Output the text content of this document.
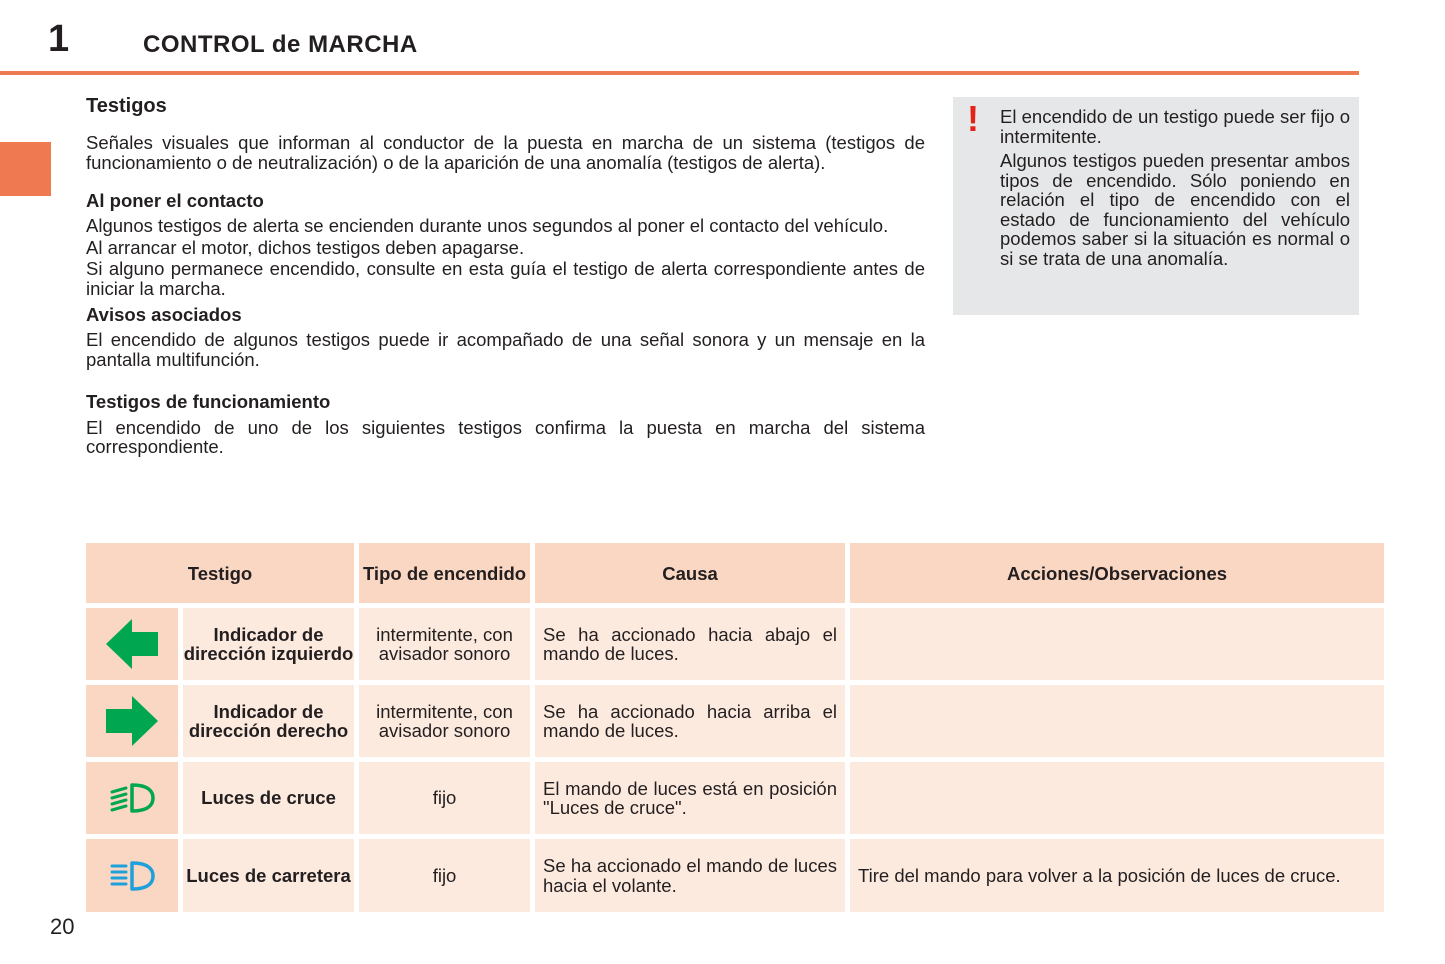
1	CONTROL de MARCHA
Testigos

Señales visuales que informan al conductor de la puesta en marcha de un sistema (testigos de funcionamiento o de neutralización) o de la aparición de una anomalía (testigos de alerta).

Al poner el contacto

Algunos testigos de alerta se encienden durante unos segundos al poner el contacto del vehículo.

Al arrancar el motor, dichos testigos deben apagarse.

Si alguno permanece encendido, consulte en esta guía el testigo de alerta correspondiente antes de iniciar la marcha.

Avisos asociados

El encendido de algunos testigos puede ir acompañado de una señal sonora y un mensaje en la pantalla multifunción.

Testigos de funcionamiento

El encendido de uno de los siguientes testigos confirma la puesta en marcha del sistema correspondiente.

! El encendido de un testigo puede ser fijo o intermitente.

Algunos testigos pueden presentar ambos tipos de encendido. Sólo poniendo en relación el tipo de encendido con el estado de funcionamiento del vehículo podemos saber si la situación es normal o si se trata de una anomalía.

Testigo		Tipo de encendido	Causa	Acciones/Observaciones

	Indicador de dirección izquierdo	intermitente, con avisador sonoro	Se ha accionado hacia abajo el mando de luces.	

	Indicador de dirección derecho	intermitente, con avisador sonoro	Se ha accionado hacia arriba el mando de luces.	

	Luces de cruce	fijo	El mando de luces está en posición "Luces de cruce".	

	Luces de carretera	fijo	Se ha accionado el mando de luces hacia el volante.	Tire del mando para volver a la posición de luces de cruce.
20
